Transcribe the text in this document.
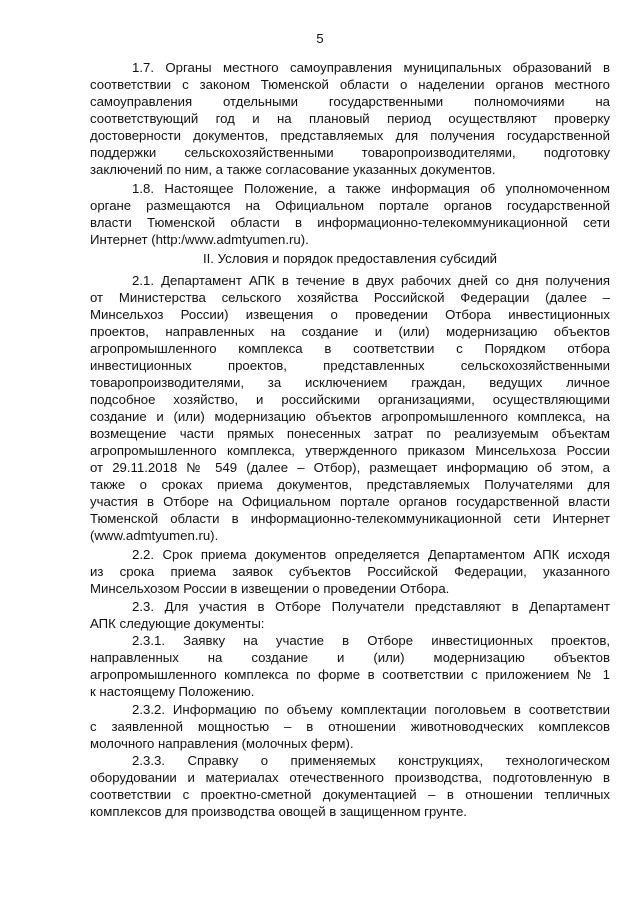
5
1.7. Органы местного самоуправления муниципальных образований в
соответствии с законом Тюменской области о наделении органов местного
самоуправления отдельными государственными полномочиями на
соответствующий год и на плановый период осуществляют проверку
достоверности документов, представляемых для получения государственной
поддержки сельскохозяйственными товаропроизводителями, подготовку
заключений по ним, а также согласование указанных документов.
1.8. Настоящее Положение, а также информация об уполномоченном
органе размещаются на Официальном портале органов государственной
власти Тюменской области в информационно-телекоммуникационной сети
Интернет (http:/www.admtyumen.ru).
II. Условия и порядок предоставления субсидий
2.1. Департамент АПК в течение в двух рабочих дней со дня получения
от Министерства сельского хозяйства Российской Федерации (далее –
Минсельхоз России) извещения о проведении Отбора инвестиционных
проектов, направленных на создание и (или) модернизацию объектов
агропромышленного комплекса в соответствии с Порядком отбора
инвестиционных проектов, представленных сельскохозяйственными
товаропроизводителями, за исключением граждан, ведущих личное
подсобное хозяйство, и российскими организациями, осуществляющими
создание и (или) модернизацию объектов агропромышленного комплекса, на
возмещение части прямых понесенных затрат по реализуемым объектам
агропромышленного комплекса, утвержденного приказом Минсельхоза России
от 29.11.2018 № 549 (далее – Отбор), размещает информацию об этом, а
также о сроках приема документов, представляемых Получателями для
участия в Отборе на Официальном портале органов государственной власти
Тюменской области в информационно-телекоммуникационной сети Интернет
(www.admtyumen.ru).
2.2. Срок приема документов определяется Департаментом АПК исходя
из срока приема заявок субъектов Российской Федерации, указанного
Минсельхозом России в извещении о проведении Отбора.
2.3. Для участия в Отборе Получатели представляют в Департамент
АПК следующие документы:
2.3.1. Заявку на участие в Отборе инвестиционных проектов,
направленных на создание и (или) модернизацию объектов
агропромышленного комплекса по форме в соответствии с приложением № 1
к настоящему Положению.
2.3.2. Информацию по объему комплектации поголовьем в соответствии
с заявленной мощностью – в отношении животноводческих комплексов
молочного направления (молочных ферм).
2.3.3. Справку о применяемых конструкциях, технологическом
оборудовании и материалах отечественного производства, подготовленную в
соответствии с проектно-сметной документацией – в отношении тепличных
комплексов для производства овощей в защищенном грунте.
